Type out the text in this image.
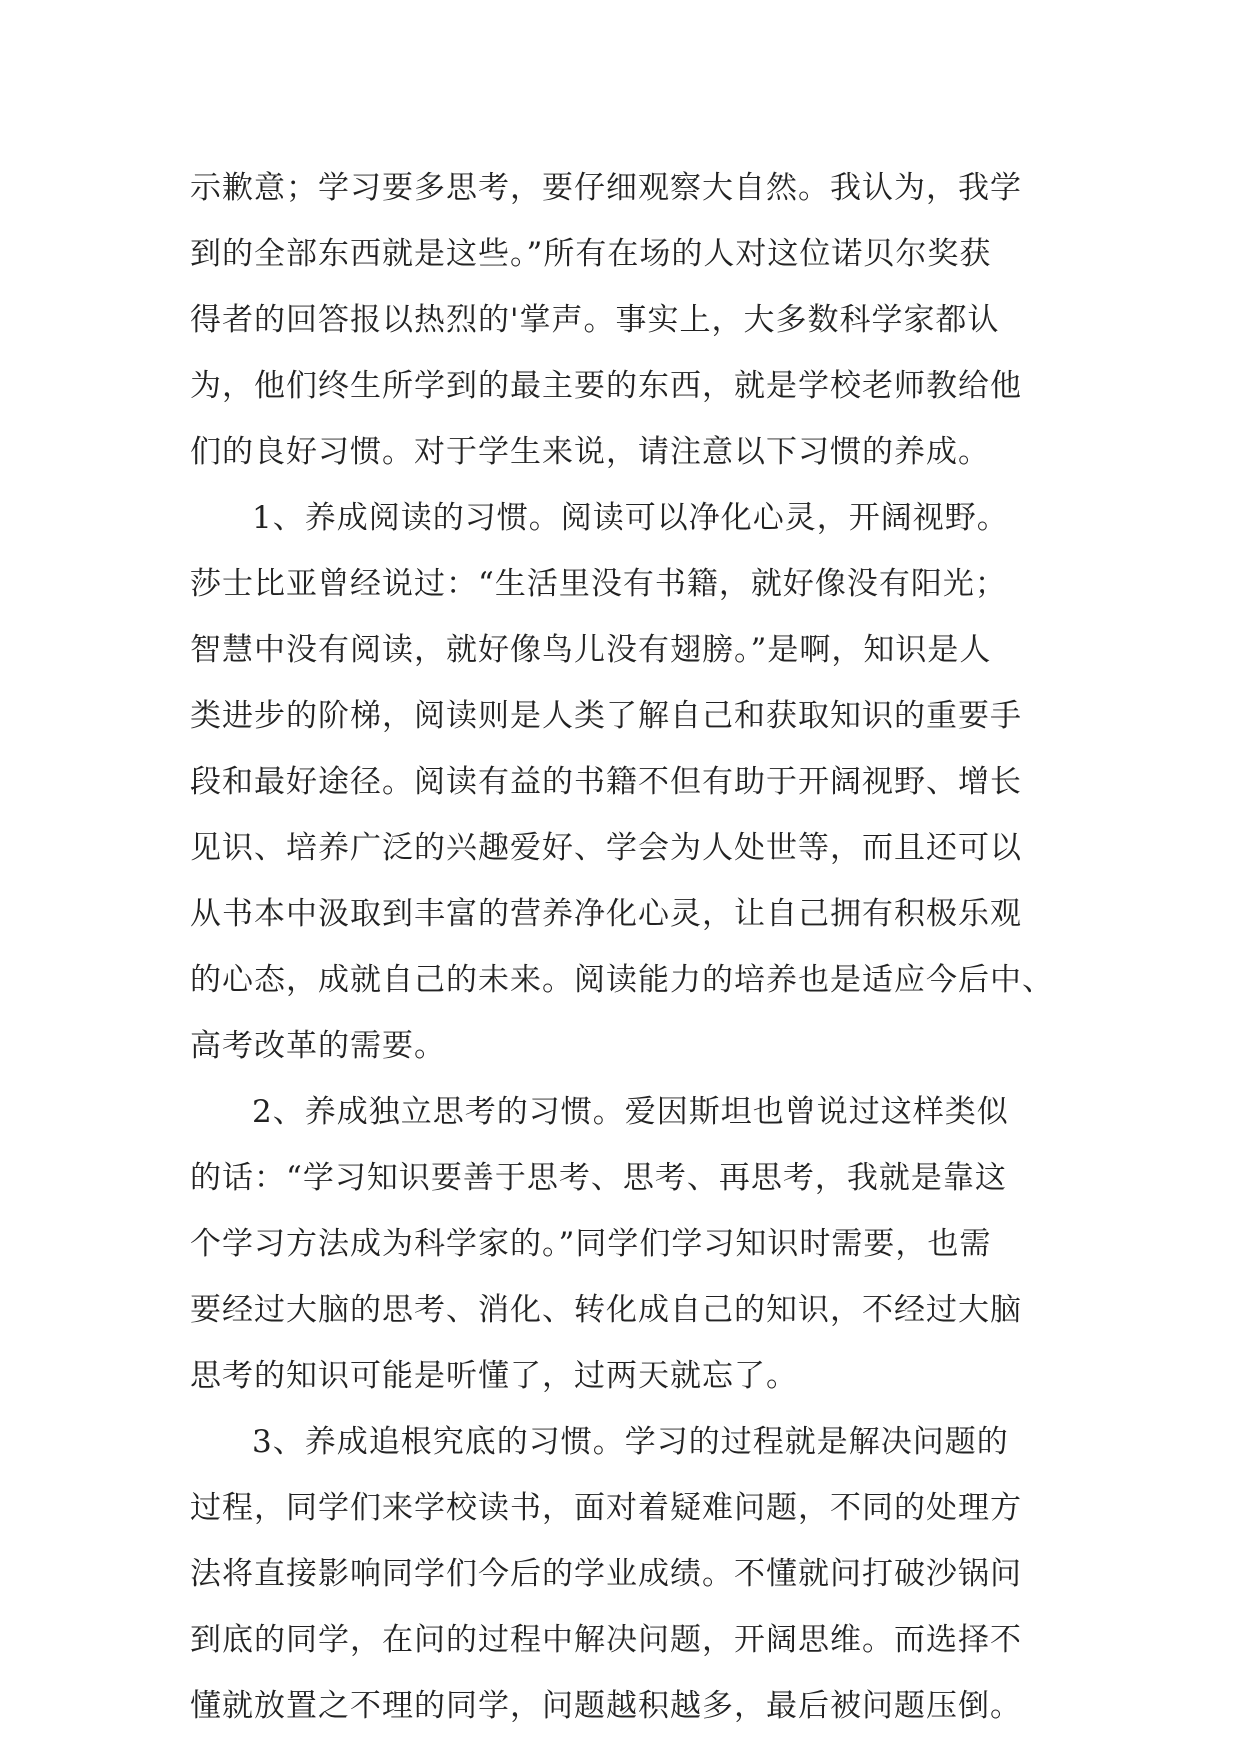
示歉意；学习要多思考，要仔细观察大自然。我认为，我学
到的全部东西就是这些。”所有在场的人对这位诺贝尔奖获
得者的回答报以热烈的'掌声。事实上，大多数科学家都认
为，他们终生所学到的最主要的东西，就是学校老师教给他
们的良好习惯。对于学生来说，请注意以下习惯的养成。
1、养成阅读的习惯。阅读可以净化心灵，开阔视野。
莎士比亚曾经说过：“生活里没有书籍，就好像没有阳光；
智慧中没有阅读，就好像鸟儿没有翅膀。”是啊，知识是人
类进步的阶梯，阅读则是人类了解自己和获取知识的重要手
段和最好途径。阅读有益的书籍不但有助于开阔视野、增长
见识、培养广泛的兴趣爱好、学会为人处世等，而且还可以
从书本中汲取到丰富的营养净化心灵，让自己拥有积极乐观
的心态，成就自己的未来。阅读能力的培养也是适应今后中、
高考改革的需要。
2、养成独立思考的习惯。爱因斯坦也曾说过这样类似
的话：“学习知识要善于思考、思考、再思考，我就是靠这
个学习方法成为科学家的。”同学们学习知识时需要，也需
要经过大脑的思考、消化、转化成自己的知识，不经过大脑
思考的知识可能是听懂了，过两天就忘了。
3、养成追根究底的习惯。学习的过程就是解决问题的
过程，同学们来学校读书，面对着疑难问题，不同的处理方
法将直接影响同学们今后的学业成绩。不懂就问打破沙锅问
到底的同学，在问的过程中解决问题，开阔思维。而选择不
懂就放置之不理的同学，问题越积越多，最后被问题压倒。
